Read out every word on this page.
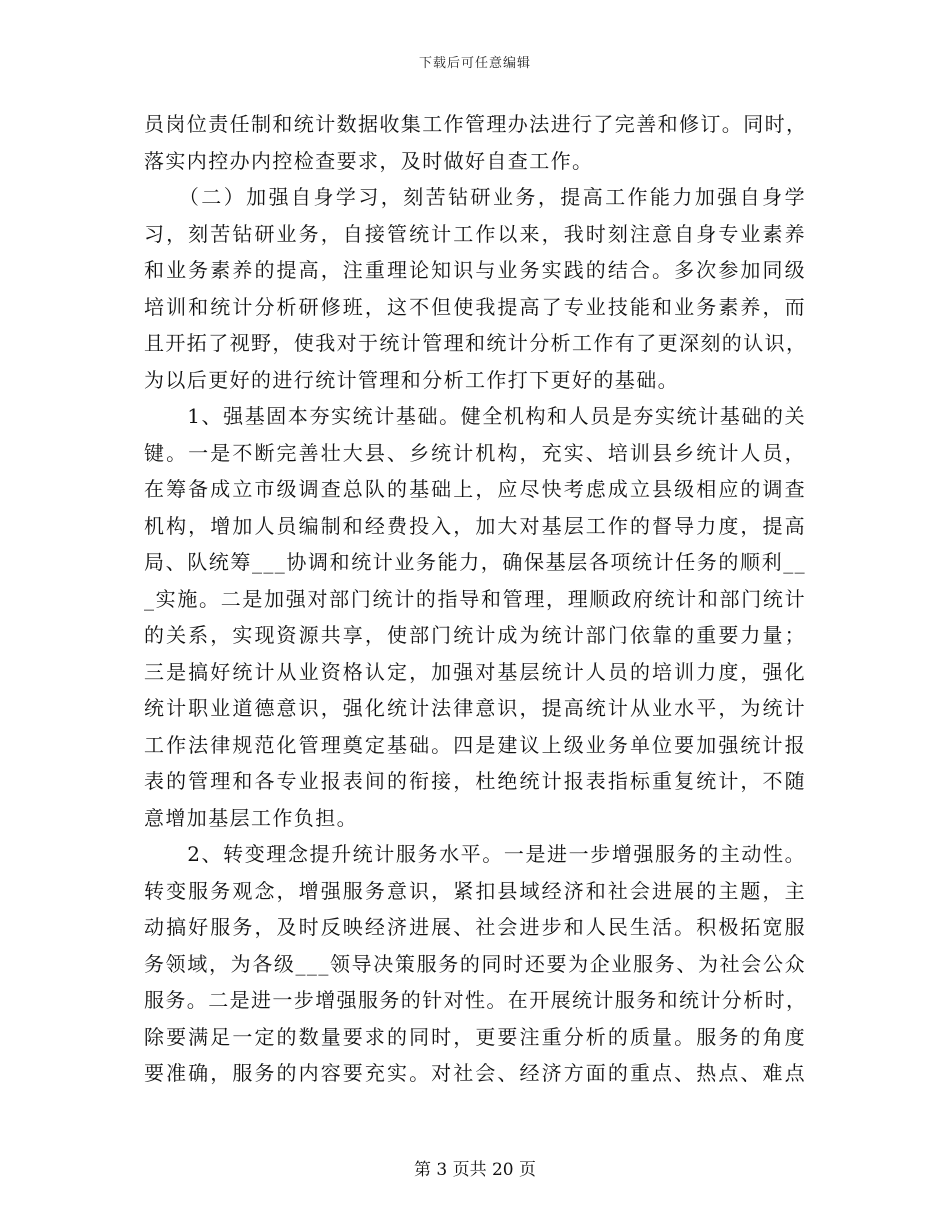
下载后可任意编辑
员岗位责任制和统计数据收集工作管理办法进行了完善和修订。同时，
落实内控办内控检查要求，及时做好自查工作。
　　（二）加强自身学习，刻苦钻研业务，提高工作能力加强自身学
习，刻苦钻研业务，自接管统计工作以来，我时刻注意自身专业素养
和业务素养的提高，注重理论知识与业务实践的结合。多次参加同级
培训和统计分析研修班，这不但使我提高了专业技能和业务素养，而
且开拓了视野，使我对于统计管理和统计分析工作有了更深刻的认识，
为以后更好的进行统计管理和分析工作打下更好的基础。
　　1、强基固本夯实统计基础。健全机构和人员是夯实统计基础的关
键。一是不断完善壮大县、乡统计机构，充实、培训县乡统计人员，
在筹备成立市级调查总队的基础上，应尽快考虑成立县级相应的调查
机构，增加人员编制和经费投入，加大对基层工作的督导力度，提高
局、队统筹___协调和统计业务能力，确保基层各项统计任务的顺利__
_实施。二是加强对部门统计的指导和管理，理顺政府统计和部门统计
的关系，实现资源共享，使部门统计成为统计部门依靠的重要力量；
三是搞好统计从业资格认定，加强对基层统计人员的培训力度，强化
统计职业道德意识，强化统计法律意识，提高统计从业水平，为统计
工作法律规范化管理奠定基础。四是建议上级业务单位要加强统计报
表的管理和各专业报表间的衔接，杜绝统计报表指标重复统计，不随
意增加基层工作负担。
　　2、转变理念提升统计服务水平。一是进一步增强服务的主动性。
转变服务观念，增强服务意识，紧扣县域经济和社会进展的主题，主
动搞好服务，及时反映经济进展、社会进步和人民生活。积极拓宽服
务领域，为各级___领导决策服务的同时还要为企业服务、为社会公众
服务。二是进一步增强服务的针对性。在开展统计服务和统计分析时，
除要满足一定的数量要求的同时，更要注重分析的质量。服务的角度
要准确，服务的内容要充实。对社会、经济方面的重点、热点、难点
第 3 页共 20 页
